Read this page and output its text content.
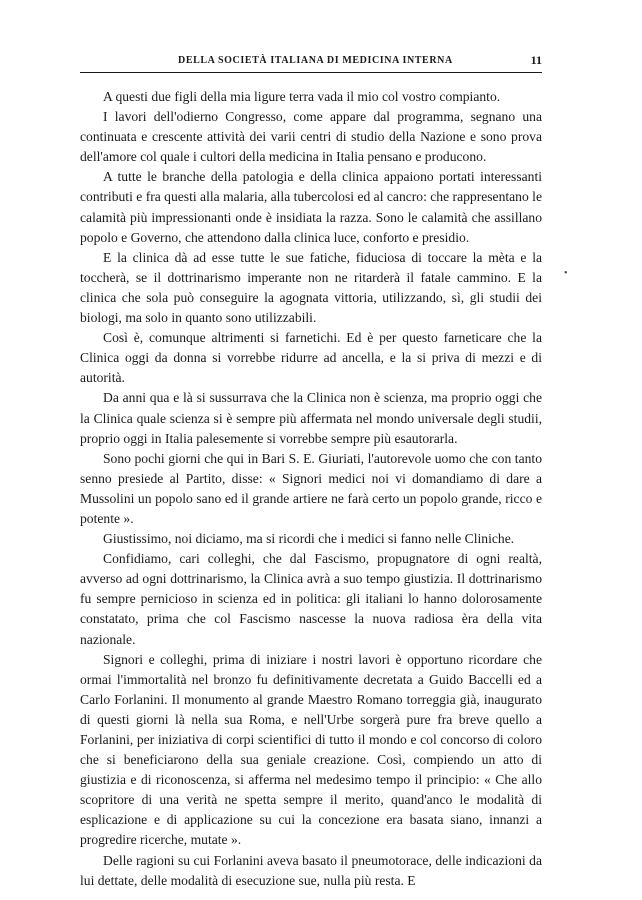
DELLA SOCIETÀ ITALIANA DI MEDICINA INTERNA	11

A questi due figli della mia ligure terra vada il mio col vostro compianto.

I lavori dell'odierno Congresso, come appare dal programma, segnano una continuata e crescente attività dei varii centri di studio della Nazione e sono prova dell'amore col quale i cultori della medicina in Italia pensano e producono.

A tutte le branche della patologia e della clinica appaiono portati interessanti contributi e fra questi alla malaria, alla tubercolosi ed al cancro: che rappresentano le calamità più impressionanti onde è insidiata la razza. Sono le calamità che assillano popolo e Governo, che attendono dalla clinica luce, conforto e presidio.

E la clinica dà ad esse tutte le sue fatiche, fiduciosa di toccare la mèta e la toccherà, se il dottrinarismo imperante non ne ritarderà il fatale cammino. E la clinica che sola può conseguire la agognata vittoria, utilizzando, sì, gli studii dei biologi, ma solo in quanto sono utilizzabili.

Così è, comunque altrimenti si farnetichi. Ed è per questo farneticare che la Clinica oggi da donna si vorrebbe ridurre ad ancella, e la si priva di mezzi e di autorità.

Da anni qua e là si sussurrava che la Clinica non è scienza, ma proprio oggi che la Clinica quale scienza si è sempre più affermata nel mondo universale degli studii, proprio oggi in Italia palesemente si vorrebbe sempre più esautorarla.

Sono pochi giorni che qui in Bari S. E. Giuriati, l'autorevole uomo che con tanto senno presiede al Partito, disse: « Signori medici noi vi domandiamo di dare a Mussolini un popolo sano ed il grande artiere ne farà certo un popolo grande, ricco e potente ».

Giustissimo, noi diciamo, ma si ricordi che i medici si fanno nelle Cliniche.

Confidiamo, cari colleghi, che dal Fascismo, propugnatore di ogni realtà, avverso ad ogni dottrinarismo, la Clinica avrà a suo tempo giustizia. Il dottrinarismo fu sempre pernicioso in scienza ed in politica: gli italiani lo hanno dolorosamente constatato, prima che col Fascismo nascesse la nuova radiosa èra della vita nazionale.

Signori e colleghi, prima di iniziare i nostri lavori è opportuno ricordare che ormai l'immortalità nel bronzo fu definitivamente decretata a Guido Baccelli ed a Carlo Forlanini. Il monumento al grande Maestro Romano torreggia già, inaugurato di questi giorni là nella sua Roma, e nell'Urbe sorgerà pure fra breve quello a Forlanini, per iniziativa di corpi scientifici di tutto il mondo e col concorso di coloro che si beneficiarono della sua geniale creazione. Così, compiendo un atto di giustizia e di riconoscenza, si afferma nel medesimo tempo il principio: « Che allo scopritore di una verità ne spetta sempre il merito, quand'anco le modalità di esplicazione e di applicazione su cui la concezione era basata siano, innanzi a progredire ricerche, mutate ».

Delle ragioni su cui Forlanini aveva basato il pneumotorace, delle indicazioni da lui dettate, delle modalità di esecuzione sue, nulla più resta. E

•
